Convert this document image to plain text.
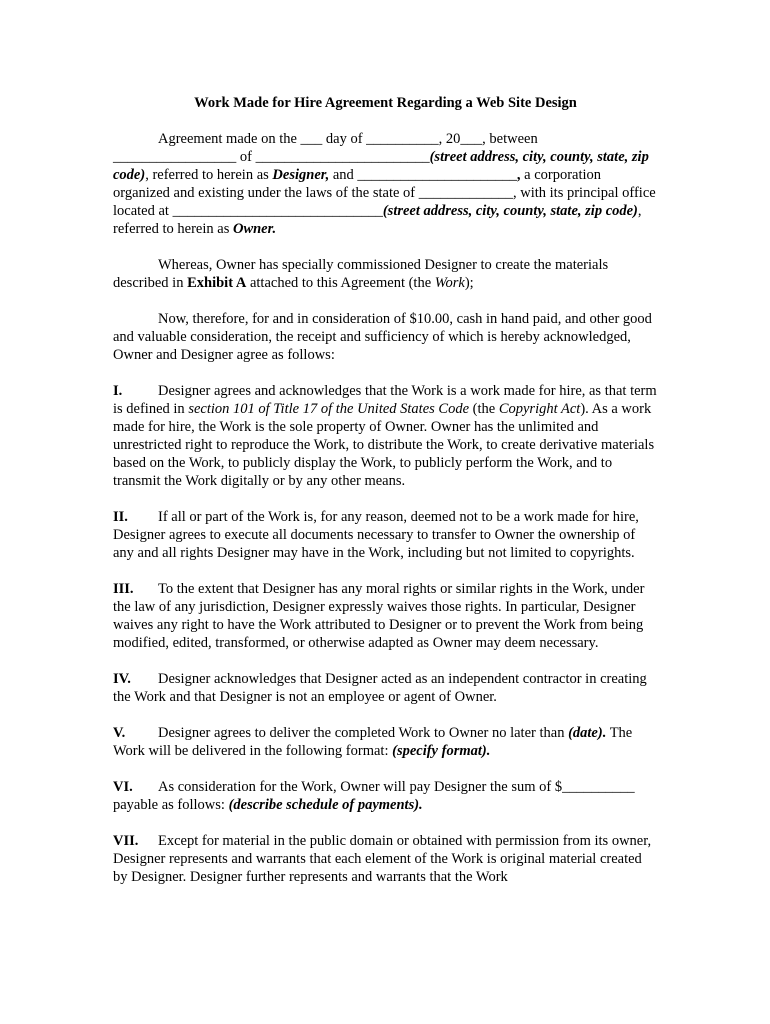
Work Made for Hire Agreement Regarding a Web Site Design

Agreement made on the ___ day of __________, 20___, between _________________ of ________________________(street address, city, county, state, zip code), referred to herein as Designer, and ______________________, a corporation organized and existing under the laws of the state of _____________, with its principal office located at _____________________________(street address, city, county, state, zip code), referred to herein as Owner.

Whereas, Owner has specially commissioned Designer to create the materials described in Exhibit A attached to this Agreement (the Work);

Now, therefore, for and in consideration of $10.00, cash in hand paid, and other good and valuable consideration, the receipt and sufficiency of which is hereby acknowledged, Owner and Designer agree as follows:

I. Designer agrees and acknowledges that the Work is a work made for hire, as that term is defined in section 101 of Title 17 of the United States Code (the Copyright Act). As a work made for hire, the Work is the sole property of Owner. Owner has the unlimited and unrestricted right to reproduce the Work, to distribute the Work, to create derivative materials based on the Work, to publicly display the Work, to publicly perform the Work, and to transmit the Work digitally or by any other means.

II. If all or part of the Work is, for any reason, deemed not to be a work made for hire, Designer agrees to execute all documents necessary to transfer to Owner the ownership of any and all rights Designer may have in the Work, including but not limited to copyrights.

III. To the extent that Designer has any moral rights or similar rights in the Work, under the law of any jurisdiction, Designer expressly waives those rights. In particular, Designer waives any right to have the Work attributed to Designer or to prevent the Work from being modified, edited, transformed, or otherwise adapted as Owner may deem necessary.

IV. Designer acknowledges that Designer acted as an independent contractor in creating the Work and that Designer is not an employee or agent of Owner.

V. Designer agrees to deliver the completed Work to Owner no later than (date). The Work will be delivered in the following format: (specify format).

VI. As consideration for the Work, Owner will pay Designer the sum of $__________ payable as follows: (describe schedule of payments).

VII. Except for material in the public domain or obtained with permission from its owner, Designer represents and warrants that each element of the Work is original material created by Designer. Designer further represents and warrants that the Work
